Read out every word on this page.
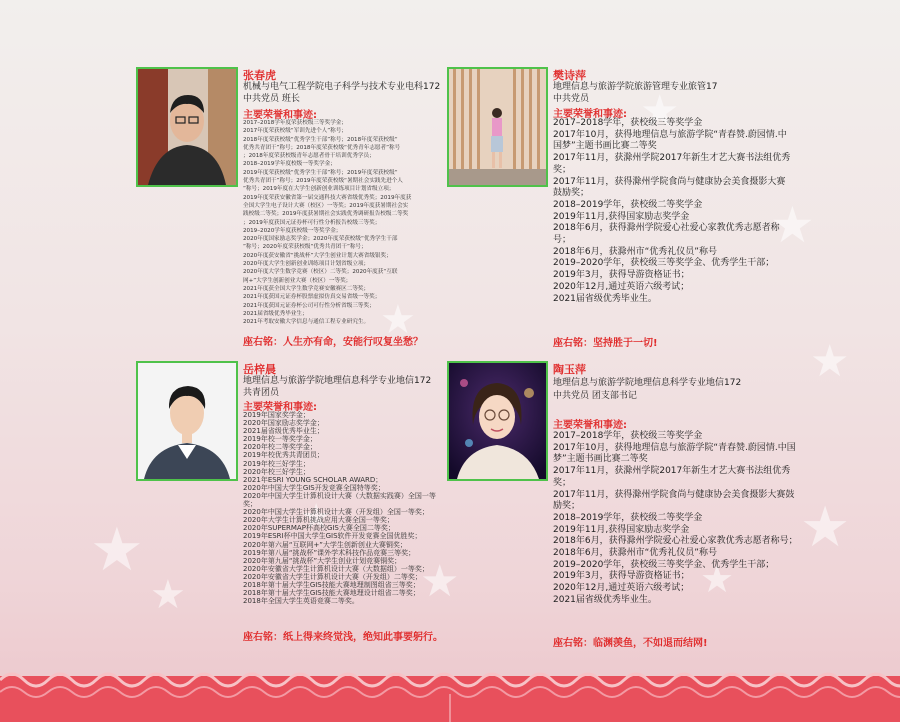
★
★
★
★
★
★
★
★
★
★
张春虎
机械与电气工程学院电子科学与技术专业电科172
中共党员 班长
主要荣誉和事迹:
2017–2018学年度荣获校级三等奖学金；
2017年度荣获校级“军训先进个人”称号；
2018年度荣获校级“优秀学生干部”称号；2018年度荣获校级“
优秀共青团干”称号；2018年度荣获校级“优秀青年志愿者”称号
；2018年度荣获校级青年志愿者骨干培训优秀学员；
2018–2019学年度校级一等奖学金；
2019年度荣获校级“优秀学生干部”称号；2019年度荣获校级“
优秀共青团干”称号；2019年度荣获校级“暑期社会实践先进个人
”称号；2019年度在大学生创新创业训练项目计划省级立项；
2019年度荣获安徽省第一届交通科技大赛省级优秀奖；2019年度获
全国大学生电子设计大赛（校区）一等奖；2019年度获暑期社会实
践校级二等奖；2019年度获暑期社会实践优秀调研报告校级二等奖
；2019年度获国元证券杯可行性分析报告校级三等奖；
2019–2020学年度获校级一等奖学金；
2020年度国家励志奖学金；2020年度荣获校级“优秀学生干部
”称号；2020年度荣获校级“优秀共青团干”称号；
2020年度获安徽省“挑战杯”大学生创业计划大赛省级银奖；
2020年度大学生创新创业训练项目计划省级立项；
2020年度大学生数学竞赛（校区）二等奖；2020年度获“互联
网+”大学生创新创业大赛（校区）一等奖；
2021年度获全国大学生数学竞赛安徽赛区二等奖；
2021年度获国元证券杯股票虚拟仿真交易省级一等奖；
2021年度获国元证券杯公司可行性分析省级三等奖；
2021届省级优秀毕业生；
2021年考取安徽大学信息与通信工程专业研究生。
座右铭：人生亦有命，安能行叹复坐愁？
樊诗萍
地理信息与旅游学院旅游管理专业旅管17
中共党员
主要荣誉和事迹:
2017–2018学年，获校级三等奖学金
2017年10月，获得地理信息与旅游学院“青春赞.蔚园情.中国梦”主题书画比赛二等奖
2017年11月，获滁州学院2017年新生才艺大赛书法组优秀奖；
2017年11月，获得滁州学院食尚与健康协会美食摄影大赛鼓励奖；
2018–2019学年，获校级二等奖学金
2019年11月,获得国家励志奖学金
2018年6月，获得滁州学院爱心社爱心家教优秀志愿者称号；
2018年6月，获滁州市“优秀礼仪员”称号
2019–2020学年，获校级三等奖学金、优秀学生干部；
2019年3月，获得导游资格证书；
2020年12月,通过英语六级考试；
2021届省级优秀毕业生。
座右铭：坚持胜于一切!
岳梓晨
地理信息与旅游学院地理信息科学专业地信172
共青团员
主要荣誉和事迹:
2019年国家奖学金；
2020年国家励志奖学金；
2021届省级优秀毕业生；
2019年校一等奖学金；
2020年校二等奖学金；
2019年校优秀共青团员；
2019年校三好学生；
2020年校三好学生；
2021年ESRI YOUNG SCHOLAR AWARD；
2020年中国大学生GIS开发竞赛全国特等奖；
2020年中国大学生计算机设计大赛（大数据实践赛）全国一等奖；
2020年中国大学生计算机设计大赛（开发组）全国一等奖；
2020年大学生计算机挑战应用大赛全国一等奖；
2020年SUPERMAP杯高校GIS大赛全国二等奖；
2019年ESRI杯中国大学生GIS软件开发竞赛全国优胜奖；
2020年第六届“互联网+”大学生创新创业大赛铜奖；
2019年第八届“挑战杯”课外学术科技作品竞赛三等奖；
2020年第九届“挑战杯”大学生创业计划竞赛铜奖；
2020年安徽省大学生计算机设计大赛（大数据组）一等奖；
2020年安徽省大学生计算机设计大赛（开发组）二等奖；
2018年第十届大学生GIS技能大赛地理制图组省三等奖；
2018年第十届大学生GIS技能大赛地理设计组省二等奖；
2018年全国大学生英语竞赛二等奖。
座右铭：纸上得来终觉浅，绝知此事要躬行。
陶玉萍
地理信息与旅游学院地理信息科学专业地信172
中共党员 团支部书记
主要荣誉和事迹:
2017–2018学年，获校级三等奖学金
2017年10月，获得地理信息与旅游学院“青春赞.蔚园情.中国梦”主题书画比赛二等奖
2017年11月，获滁州学院2017年新生才艺大赛书法组优秀奖；
2017年11月，获得滁州学院食尚与健康协会美食摄影大赛鼓励奖；
2018–2019学年，获校级二等奖学金
2019年11月,获得国家励志奖学金
2018年6月，获得滁州学院爱心社爱心家教优秀志愿者称号；
2018年6月，获滁州市“优秀礼仪员”称号
2019–2020学年，获校级三等奖学金、优秀学生干部；
2019年3月，获得导游资格证书；
2020年12月,通过英语六级考试；
2021届省级优秀毕业生。
座右铭：临渊羡鱼，不如退而结网!
